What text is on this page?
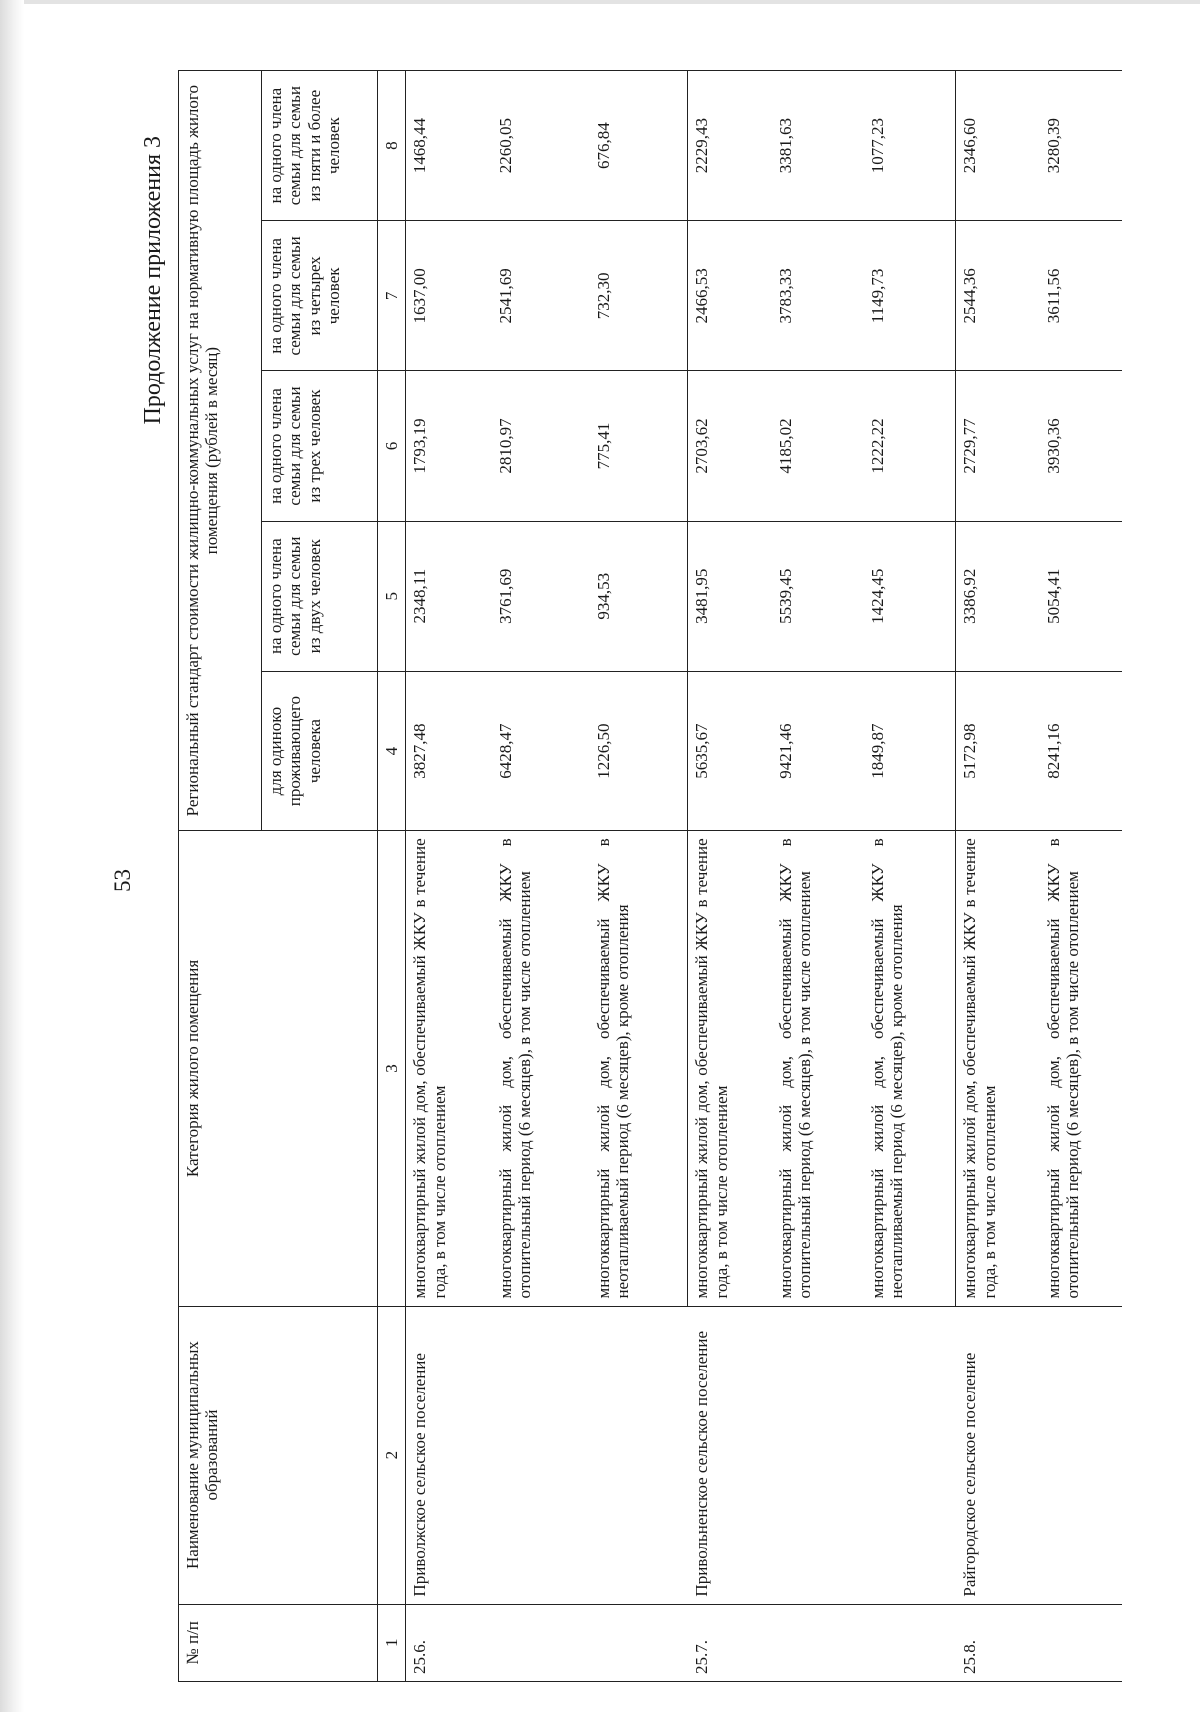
53
Продолжение приложения 3
№ п/п	Наименование муниципальных образований	Категория жилого помещения	Региональный стандарт стоимости жилищно-коммунальных услуг на нормативную площадь жилого помещения (рублей в месяц)				
			для одиноко проживающего человека	на одного члена семьи для семьи из двух человек	на одного члена семьи для семьи из трех человек	на одного члена семьи для семьи из четырех человек	на одного члена семьи для семьи из пяти и более человек
1	2	3	4	5	6	7	8
25.6.	Приволжское сельское поселение	многоквартирный жилой дом, обеспечиваемый ЖКУ в течение года, в том числе отоплением	3827,48	2348,11	1793,19	1637,00	1468,44
		многоквартирный жилой дом, обеспечиваемый ЖКУ в отопительный период (6 месяцев), в том числе отоплением	6428,47	3761,69	2810,97	2541,69	2260,05
		многоквартирный жилой дом, обеспечиваемый ЖКУ в неотапливаемый период (6 месяцев), кроме отопления	1226,50	934,53	775,41	732,30	676,84
25.7.	Привольненское сельское поселение	многоквартирный жилой дом, обеспечиваемый ЖКУ в течение года, в том числе отоплением	5635,67	3481,95	2703,62	2466,53	2229,43
		многоквартирный жилой дом, обеспечиваемый ЖКУ в отопительный период (6 месяцев), в том числе отоплением	9421,46	5539,45	4185,02	3783,33	3381,63
		многоквартирный жилой дом, обеспечиваемый ЖКУ в неотапливаемый период (6 месяцев), кроме отопления	1849,87	1424,45	1222,22	1149,73	1077,23
25.8.	Райгородское сельское поселение	многоквартирный жилой дом, обеспечиваемый ЖКУ в течение года, в том числе отоплением	5172,98	3386,92	2729,77	2544,36	2346,60
		многоквартирный жилой дом, обеспечиваемый ЖКУ в отопительный период (6 месяцев), в том числе отоплением	8241,16	5054,41	3930,36	3611,56	3280,39
